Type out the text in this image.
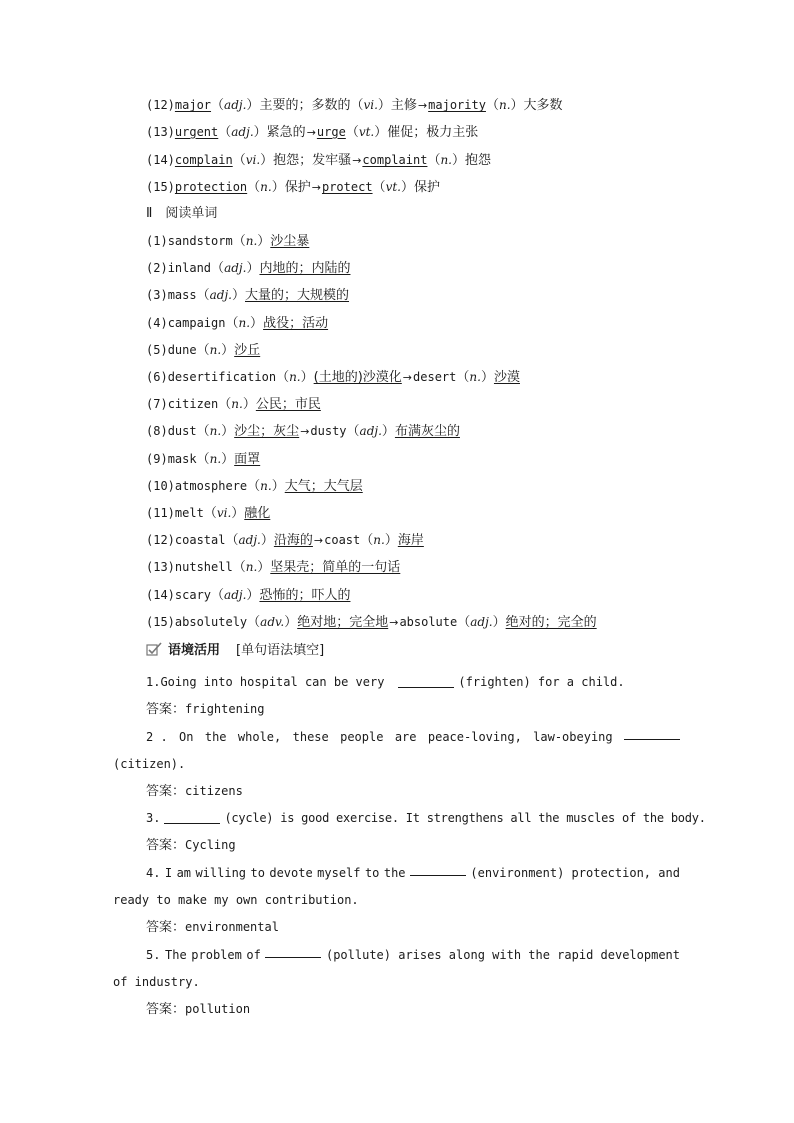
(12)major（adj.）主要的；多数的（vi.）主修→majority（n.）大多数
(13)urgent（adj.）紧急的→urge（vt.）催促；极力主张
(14)complain（vi.）抱怨；发牢骚→complaint（n.）抱怨
(15)protection（n.）保护→protect（vt.）保护
Ⅱ　阅读单词
(1)sandstorm（n.）沙尘暴
(2)inland（adj.）内地的；内陆的
(3)mass（adj.）大量的；大规模的
(4)campaign（n.）战役；活动
(5)dune（n.）沙丘
(6)desertification（n.）(土地的)沙漠化→desert（n.）沙漠
(7)citizen（n.）公民；市民
(8)dust（n.）沙尘；灰尘→dusty（adj.）布满灰尘的
(9)mask（n.）面罩
(10)atmosphere（n.）大气；大气层
(11)melt（vi.）融化
(12)coastal（adj.）沿海的→coast（n.）海岸
(13)nutshell（n.）坚果壳；简单的一句话
(14)scary（adj.）恐怖的；吓人的
(15)absolutely（adv.）绝对地；完全地→absolute（adj.）绝对的；完全的
语境活用 [单句语法填空]
1.Going into hospital can be very	(frighten) for a child.
答案：frightening
2 . On the whole, these people are peace-loving, law-obeying
(citizen).
答案：citizens
3.	(cycle) is good exercise. It strengthens all the muscles of the body.
答案：Cycling
4. I am willing to devote myself to the	(environment) protection, and
ready to make my own contribution.
答案：environmental
5. The problem of	(pollute) arises along with the rapid development
of industry.
答案：pollution
